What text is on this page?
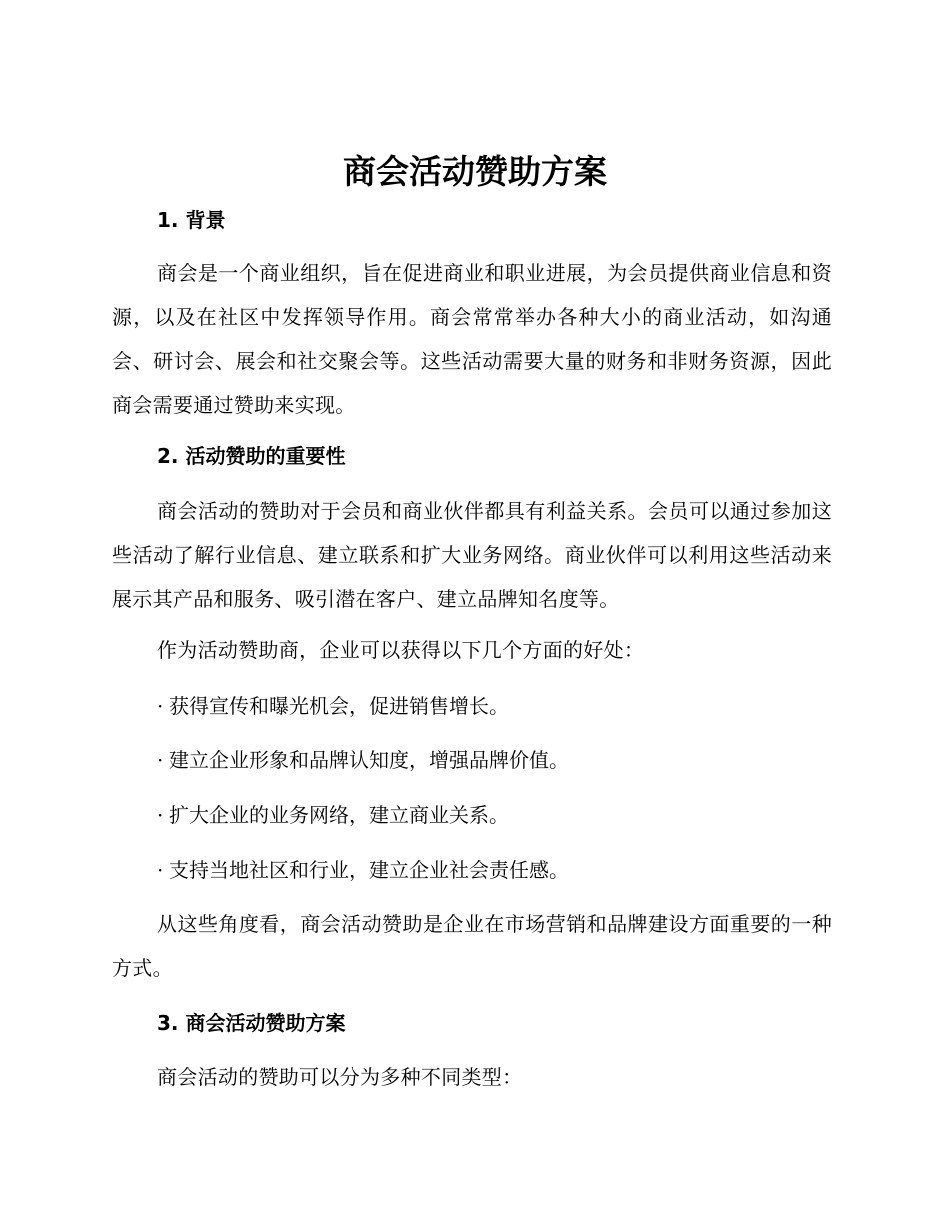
商会活动赞助方案
1. 背景

商会是一个商业组织，旨在促进商业和职业进展，为会员提供商业信息和资源，以及在社区中发挥领导作用。商会常常举办各种大小的商业活动，如沟通会、研讨会、展会和社交聚会等。这些活动需要大量的财务和非财务资源，因此商会需要通过赞助来实现。

2. 活动赞助的重要性

商会活动的赞助对于会员和商业伙伴都具有利益关系。会员可以通过参加这些活动了解行业信息、建立联系和扩大业务网络。商业伙伴可以利用这些活动来展示其产品和服务、吸引潜在客户、建立品牌知名度等。

作为活动赞助商，企业可以获得以下几个方面的好处：

· 获得宣传和曝光机会，促进销售增长。

· 建立企业形象和品牌认知度，增强品牌价值。

· 扩大企业的业务网络，建立商业关系。

· 支持当地社区和行业，建立企业社会责任感。

从这些角度看，商会活动赞助是企业在市场营销和品牌建设方面重要的一种方式。

3. 商会活动赞助方案

商会活动的赞助可以分为多种不同类型：
